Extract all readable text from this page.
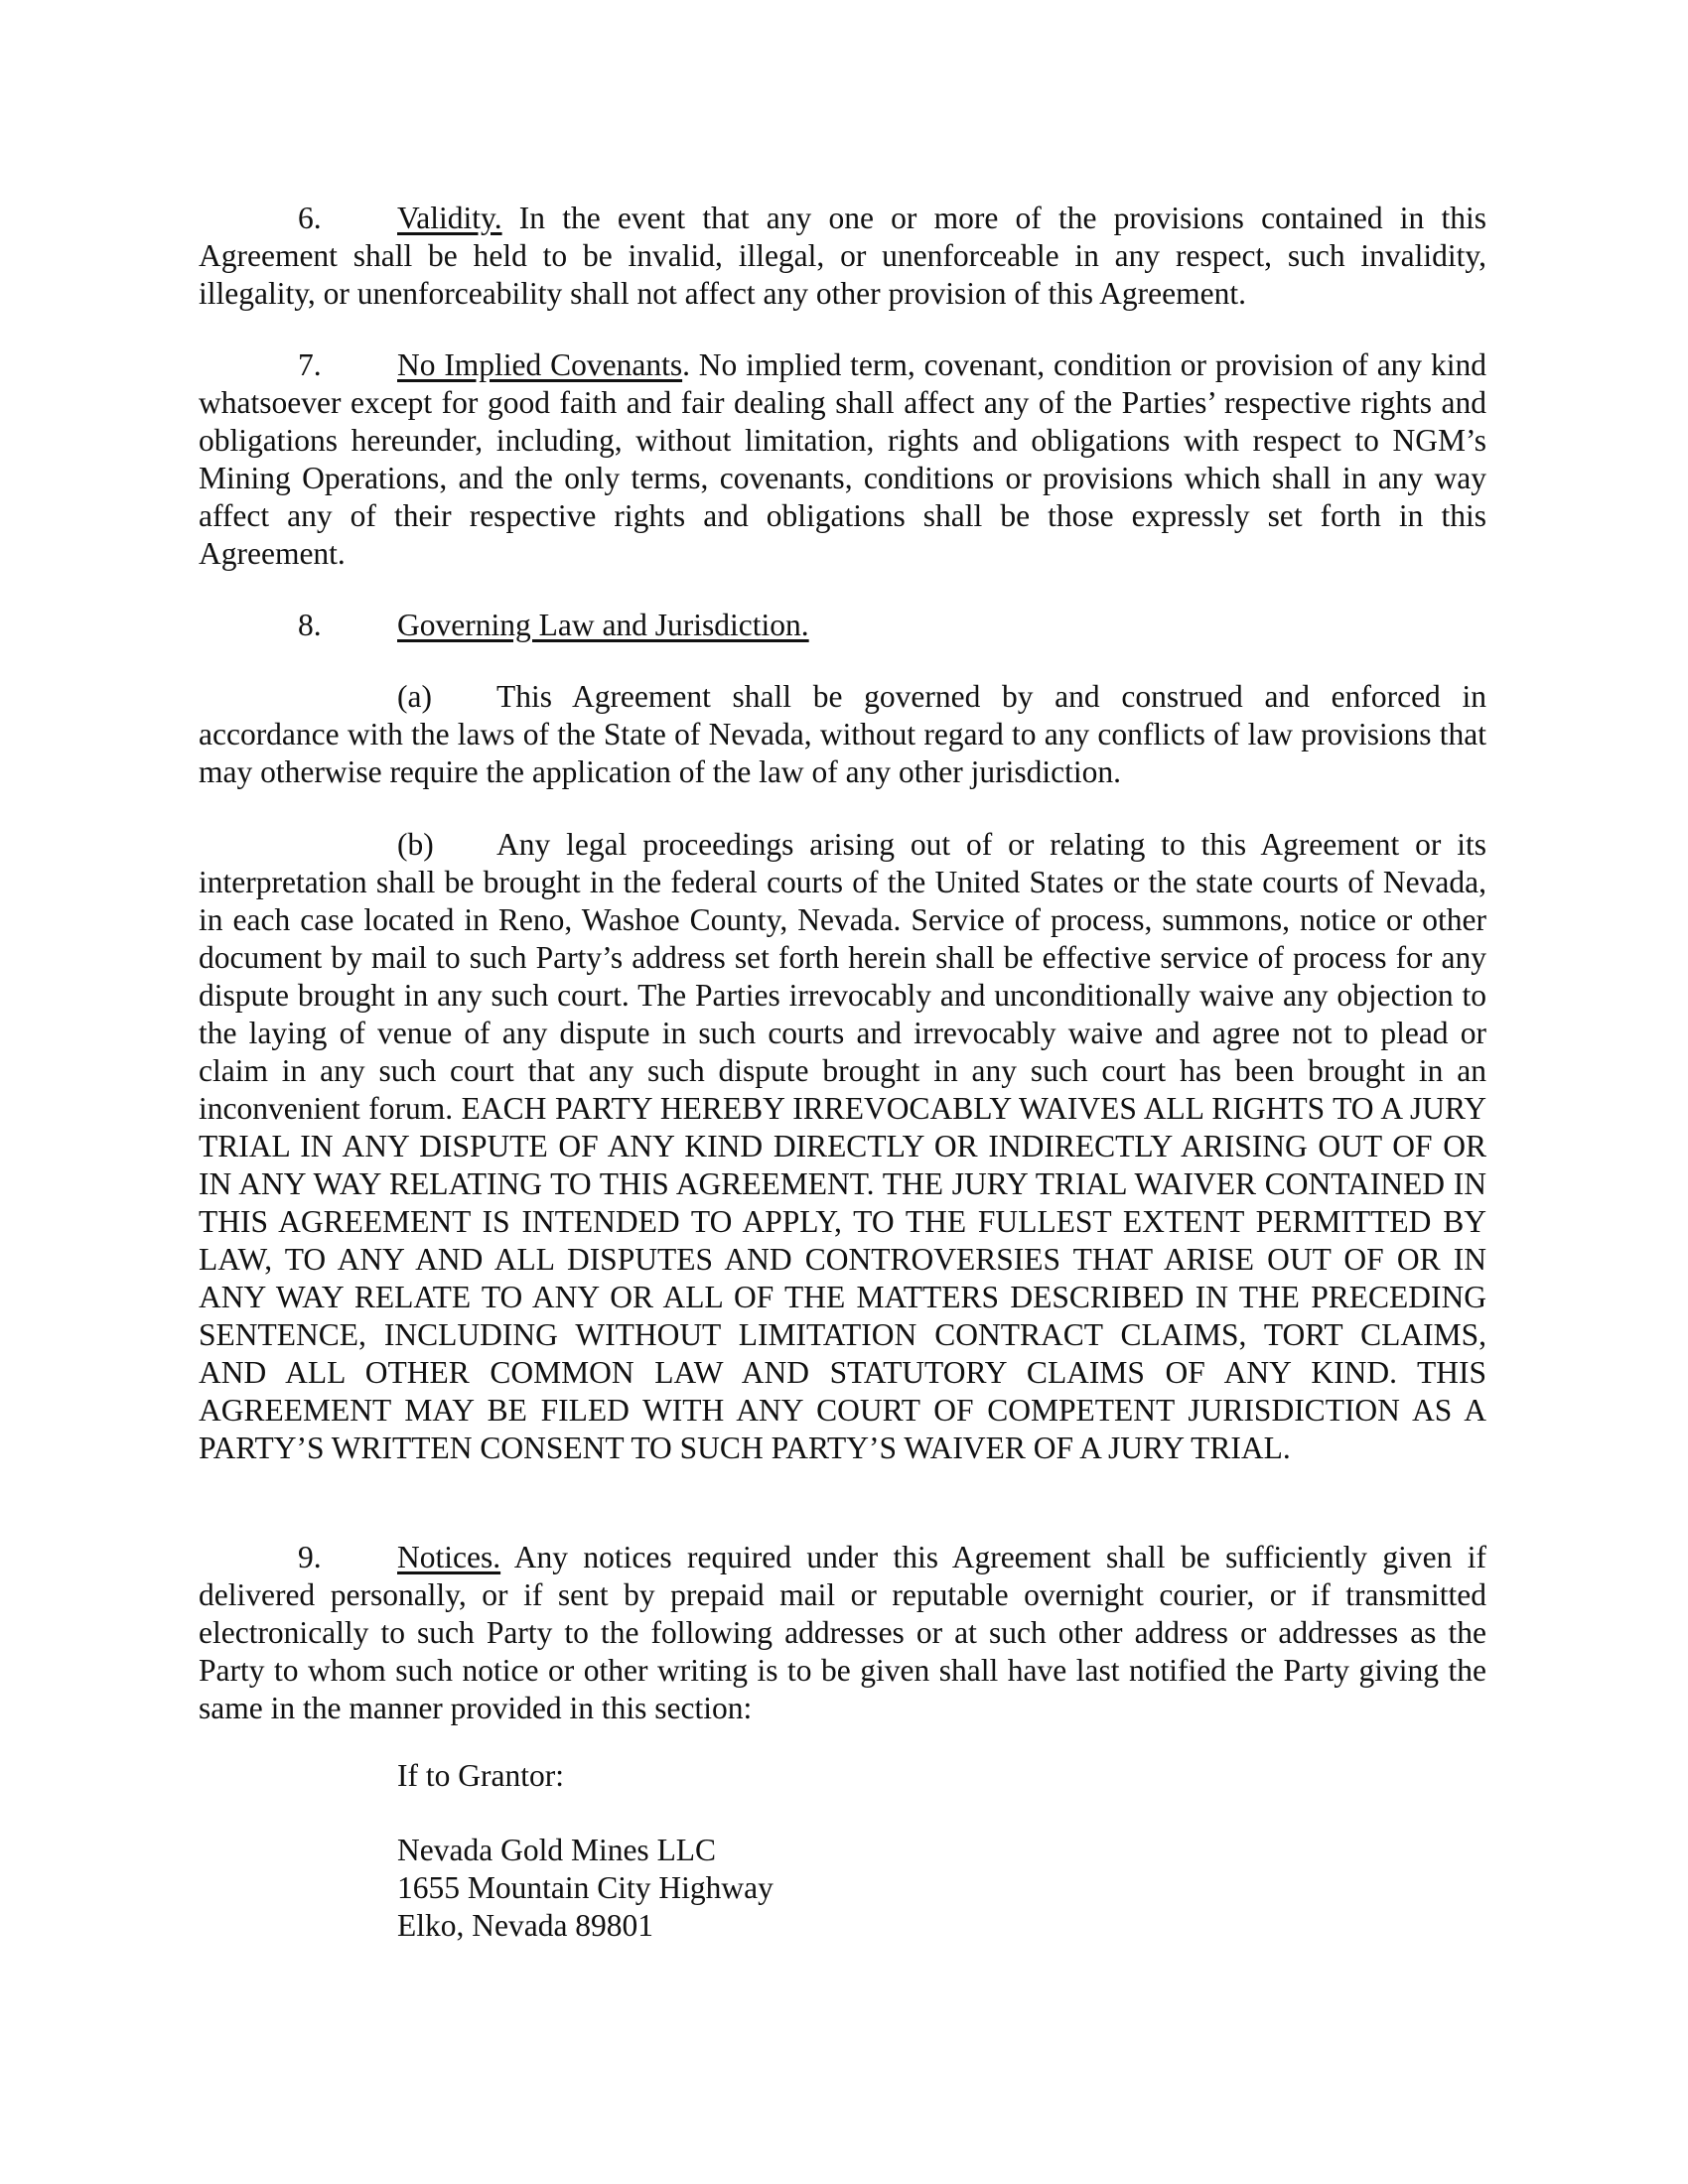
6. Validity. In the event that any one or more of the provisions contained in this Agreement shall be held to be invalid, illegal, or unenforceable in any respect, such invalidity, illegality, or unenforceability shall not affect any other provision of this Agreement.

7. No Implied Covenants. No implied term, covenant, condition or provision of any kind whatsoever except for good faith and fair dealing shall affect any of the Parties’ respective rights and obligations hereunder, including, without limitation, rights and obligations with respect to NGM’s Mining Operations, and the only terms, covenants, conditions or provisions which shall in any way affect any of their respective rights and obligations shall be those expressly set forth in this Agreement.

8. Governing Law and Jurisdiction.

(a) This Agreement shall be governed by and construed and enforced in accordance with the laws of the State of Nevada, without regard to any conflicts of law provisions that may otherwise require the application of the law of any other jurisdiction.

(b) Any legal proceedings arising out of or relating to this Agreement or its interpretation shall be brought in the federal courts of the United States or the state courts of Nevada, in each case located in Reno, Washoe County, Nevada. Service of process, summons, notice or other document by mail to such Party’s address set forth herein shall be effective service of process for any dispute brought in any such court. The Parties irrevocably and unconditionally waive any objection to the laying of venue of any dispute in such courts and irrevocably waive and agree not to plead or claim in any such court that any such dispute brought in any such court has been brought in an inconvenient forum. EACH PARTY HEREBY IRREVOCABLY WAIVES ALL RIGHTS TO A JURY TRIAL IN ANY DISPUTE OF ANY KIND DIRECTLY OR INDIRECTLY ARISING OUT OF OR IN ANY WAY RELATING TO THIS AGREEMENT. THE JURY TRIAL WAIVER CONTAINED IN THIS AGREEMENT IS INTENDED TO APPLY, TO THE FULLEST EXTENT PERMITTED BY LAW, TO ANY AND ALL DISPUTES AND CONTROVERSIES THAT ARISE OUT OF OR IN ANY WAY RELATE TO ANY OR ALL OF THE MATTERS DESCRIBED IN THE PRECEDING SENTENCE, INCLUDING WITHOUT LIMITATION CONTRACT CLAIMS, TORT CLAIMS, AND ALL OTHER COMMON LAW AND STATUTORY CLAIMS OF ANY KIND. THIS AGREEMENT MAY BE FILED WITH ANY COURT OF COMPETENT JURISDICTION AS A PARTY’S WRITTEN CONSENT TO SUCH PARTY’S WAIVER OF A JURY TRIAL.

9. Notices. Any notices required under this Agreement shall be sufficiently given if delivered personally, or if sent by prepaid mail or reputable overnight courier, or if transmitted electronically to such Party to the following addresses or at such other address or addresses as the Party to whom such notice or other writing is to be given shall have last notified the Party giving the same in the manner provided in this section:

If to Grantor:

Nevada Gold Mines LLC
1655 Mountain City Highway
Elko, Nevada 89801
